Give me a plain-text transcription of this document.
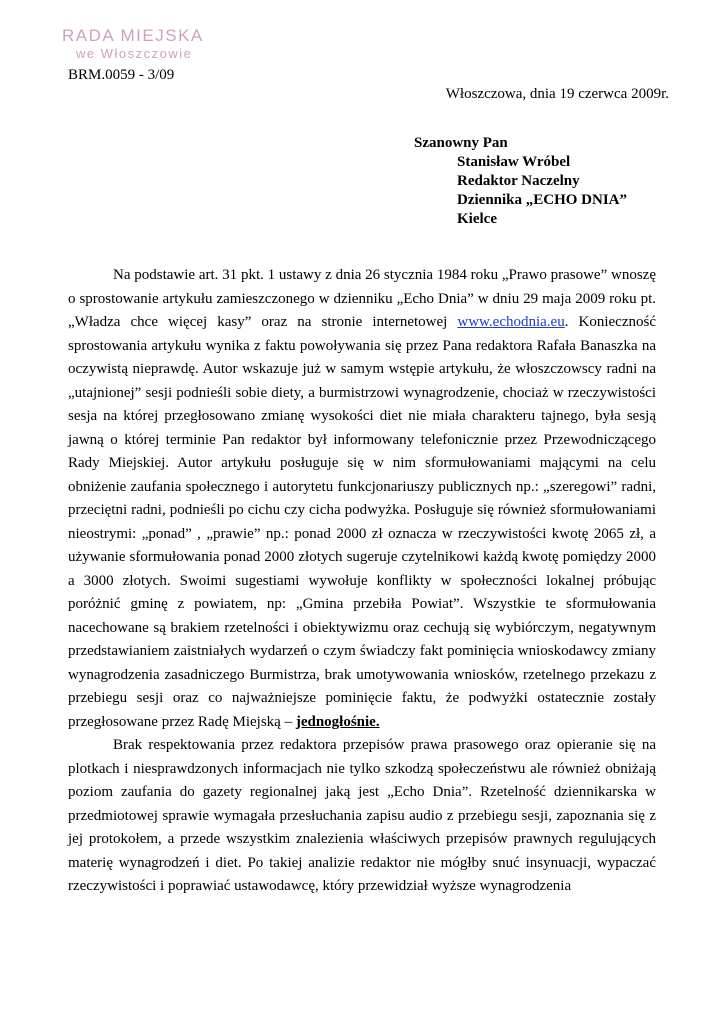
RADA MIEJSKA
we Włoszczowie
BRM.0059 - 3/09
Włoszczowa, dnia 19 czerwca 2009r.
Szanowny Pan
Stanisław Wróbel
Redaktor Naczelny
Dziennika „ECHO DNIA”
Kielce

Na podstawie art. 31 pkt. 1 ustawy z dnia 26 stycznia 1984 roku „Prawo prasowe” wnoszę o sprostowanie artykułu zamieszczonego w dzienniku „Echo Dnia” w dniu 29 maja 2009 roku pt. „Władza chce więcej kasy” oraz na stronie internetowej www.echodnia.eu. Konieczność sprostowania artykułu wynika z faktu powoływania się przez Pana redaktora Rafała Banaszka na oczywistą nieprawdę. Autor wskazuje już w samym wstępie artykułu, że włoszczowscy radni na „utajnionej” sesji podnieśli sobie diety, a burmistrzowi wynagrodzenie, chociaż w rzeczywistości sesja na której przegłosowano zmianę wysokości diet nie miała charakteru tajnego, była sesją jawną o której terminie Pan redaktor był informowany telefonicznie przez Przewodniczącego Rady Miejskiej. Autor artykułu posługuje się w nim sformułowaniami mającymi na celu obniżenie zaufania społecznego i autorytetu funkcjonariuszy publicznych np.: „szeregowi” radni, przeciętni radni, podnieśli po cichu czy cicha podwyżka. Posługuje się również sformułowaniami nieostrymi: „ponad” , „prawie” np.: ponad 2000 zł oznacza w rzeczywistości kwotę 2065 zł, a używanie sformułowania ponad 2000 złotych sugeruje czytelnikowi każdą kwotę pomiędzy 2000 a 3000 złotych. Swoimi sugestiami wywołuje konflikty w społeczności lokalnej próbując poróżnić gminę z powiatem, np: „Gmina przebiła Powiat”. Wszystkie te sformułowania nacechowane są brakiem rzetelności i obiektywizmu oraz cechują się wybiórczym, negatywnym przedstawianiem zaistniałych wydarzeń o czym świadczy fakt pominięcia wnioskodawcy zmiany wynagrodzenia zasadniczego Burmistrza, brak umotywowania wniosków, rzetelnego przekazu z przebiegu sesji oraz co najważniejsze pominięcie faktu, że podwyżki ostatecznie zostały przegłosowane przez Radę Miejską – jednogłośnie.

Brak respektowania przez redaktora przepisów prawa prasowego oraz opieranie się na plotkach i niesprawdzonych informacjach nie tylko szkodzą społeczeństwu ale również obniżają poziom zaufania do gazety regionalnej jaką jest „Echo Dnia”. Rzetelność dziennikarska w przedmiotowej sprawie wymagała przesłuchania zapisu audio z przebiegu sesji, zapoznania się z jej protokołem, a przede wszystkim znalezienia właściwych przepisów prawnych regulujących materię wynagrodzeń i diet. Po takiej analizie redaktor nie mógłby snuć insynuacji, wypaczać rzeczywistości i poprawiać ustawodawcę, który przewidział wyższe wynagrodzenia
